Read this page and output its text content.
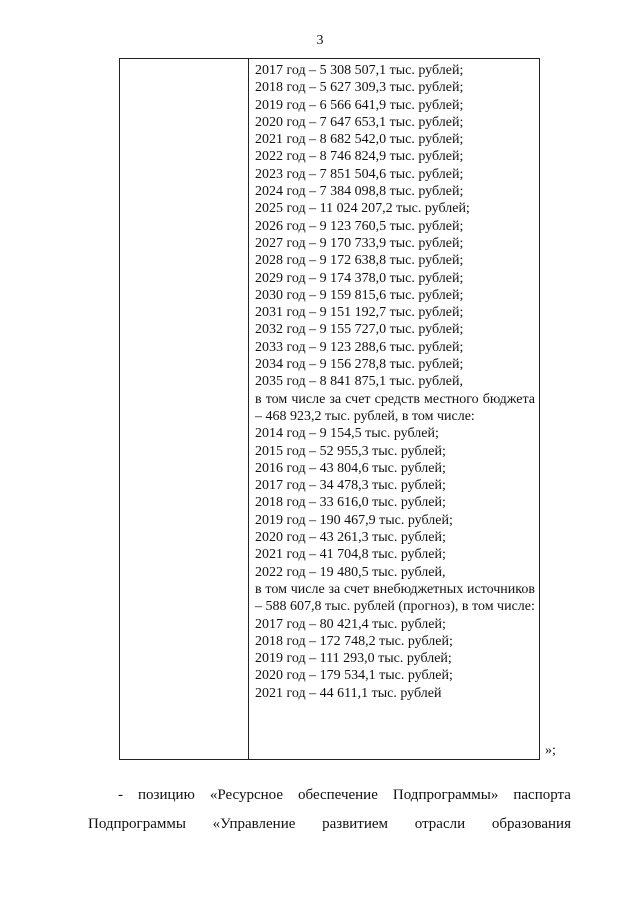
3
2017 год – 5 308 507,1 тыс. рублей;
2018 год – 5 627 309,3 тыс. рублей;
2019 год – 6 566 641,9 тыс. рублей;
2020 год – 7 647 653,1 тыс. рублей;
2021 год – 8 682 542,0 тыс. рублей;
2022 год – 8 746 824,9 тыс. рублей;
2023 год – 7 851 504,6 тыс. рублей;
2024 год – 7 384 098,8 тыс. рублей;
2025 год – 11 024 207,2 тыс. рублей;
2026 год – 9 123 760,5 тыс. рублей;
2027 год – 9 170 733,9 тыс. рублей;
2028 год – 9 172 638,8 тыс. рублей;
2029 год – 9 174 378,0 тыс. рублей;
2030 год – 9 159 815,6 тыс. рублей;
2031 год – 9 151 192,7 тыс. рублей;
2032 год – 9 155 727,0 тыс. рублей;
2033 год – 9 123 288,6 тыс. рублей;
2034 год – 9 156 278,8 тыс. рублей;
2035 год – 8 841 875,1 тыс. рублей,
в том числе за счет средств местного бюджета – 468 923,2 тыс. рублей, в том числе:
2014 год – 9 154,5 тыс. рублей;
2015 год – 52 955,3 тыс. рублей;
2016 год – 43 804,6 тыс. рублей;
2017 год – 34 478,3 тыс. рублей;
2018 год – 33 616,0 тыс. рублей;
2019 год – 190 467,9 тыс. рублей;
2020 год – 43 261,3 тыс. рублей;
2021 год – 41 704,8 тыс. рублей;
2022 год – 19 480,5 тыс. рублей,
в том числе за счет внебюджетных источников – 588 607,8 тыс. рублей (прогноз), в том числе:
2017 год – 80 421,4 тыс. рублей;
2018 год – 172 748,2 тыс. рублей;
2019 год – 111 293,0 тыс. рублей;
2020 год – 179 534,1 тыс. рублей;
2021 год – 44 611,1 тыс. рублей
»;
- позицию «Ресурсное обеспечение Подпрограммы» паспорта
Подпрограммы «Управление развитием отрасли образования
